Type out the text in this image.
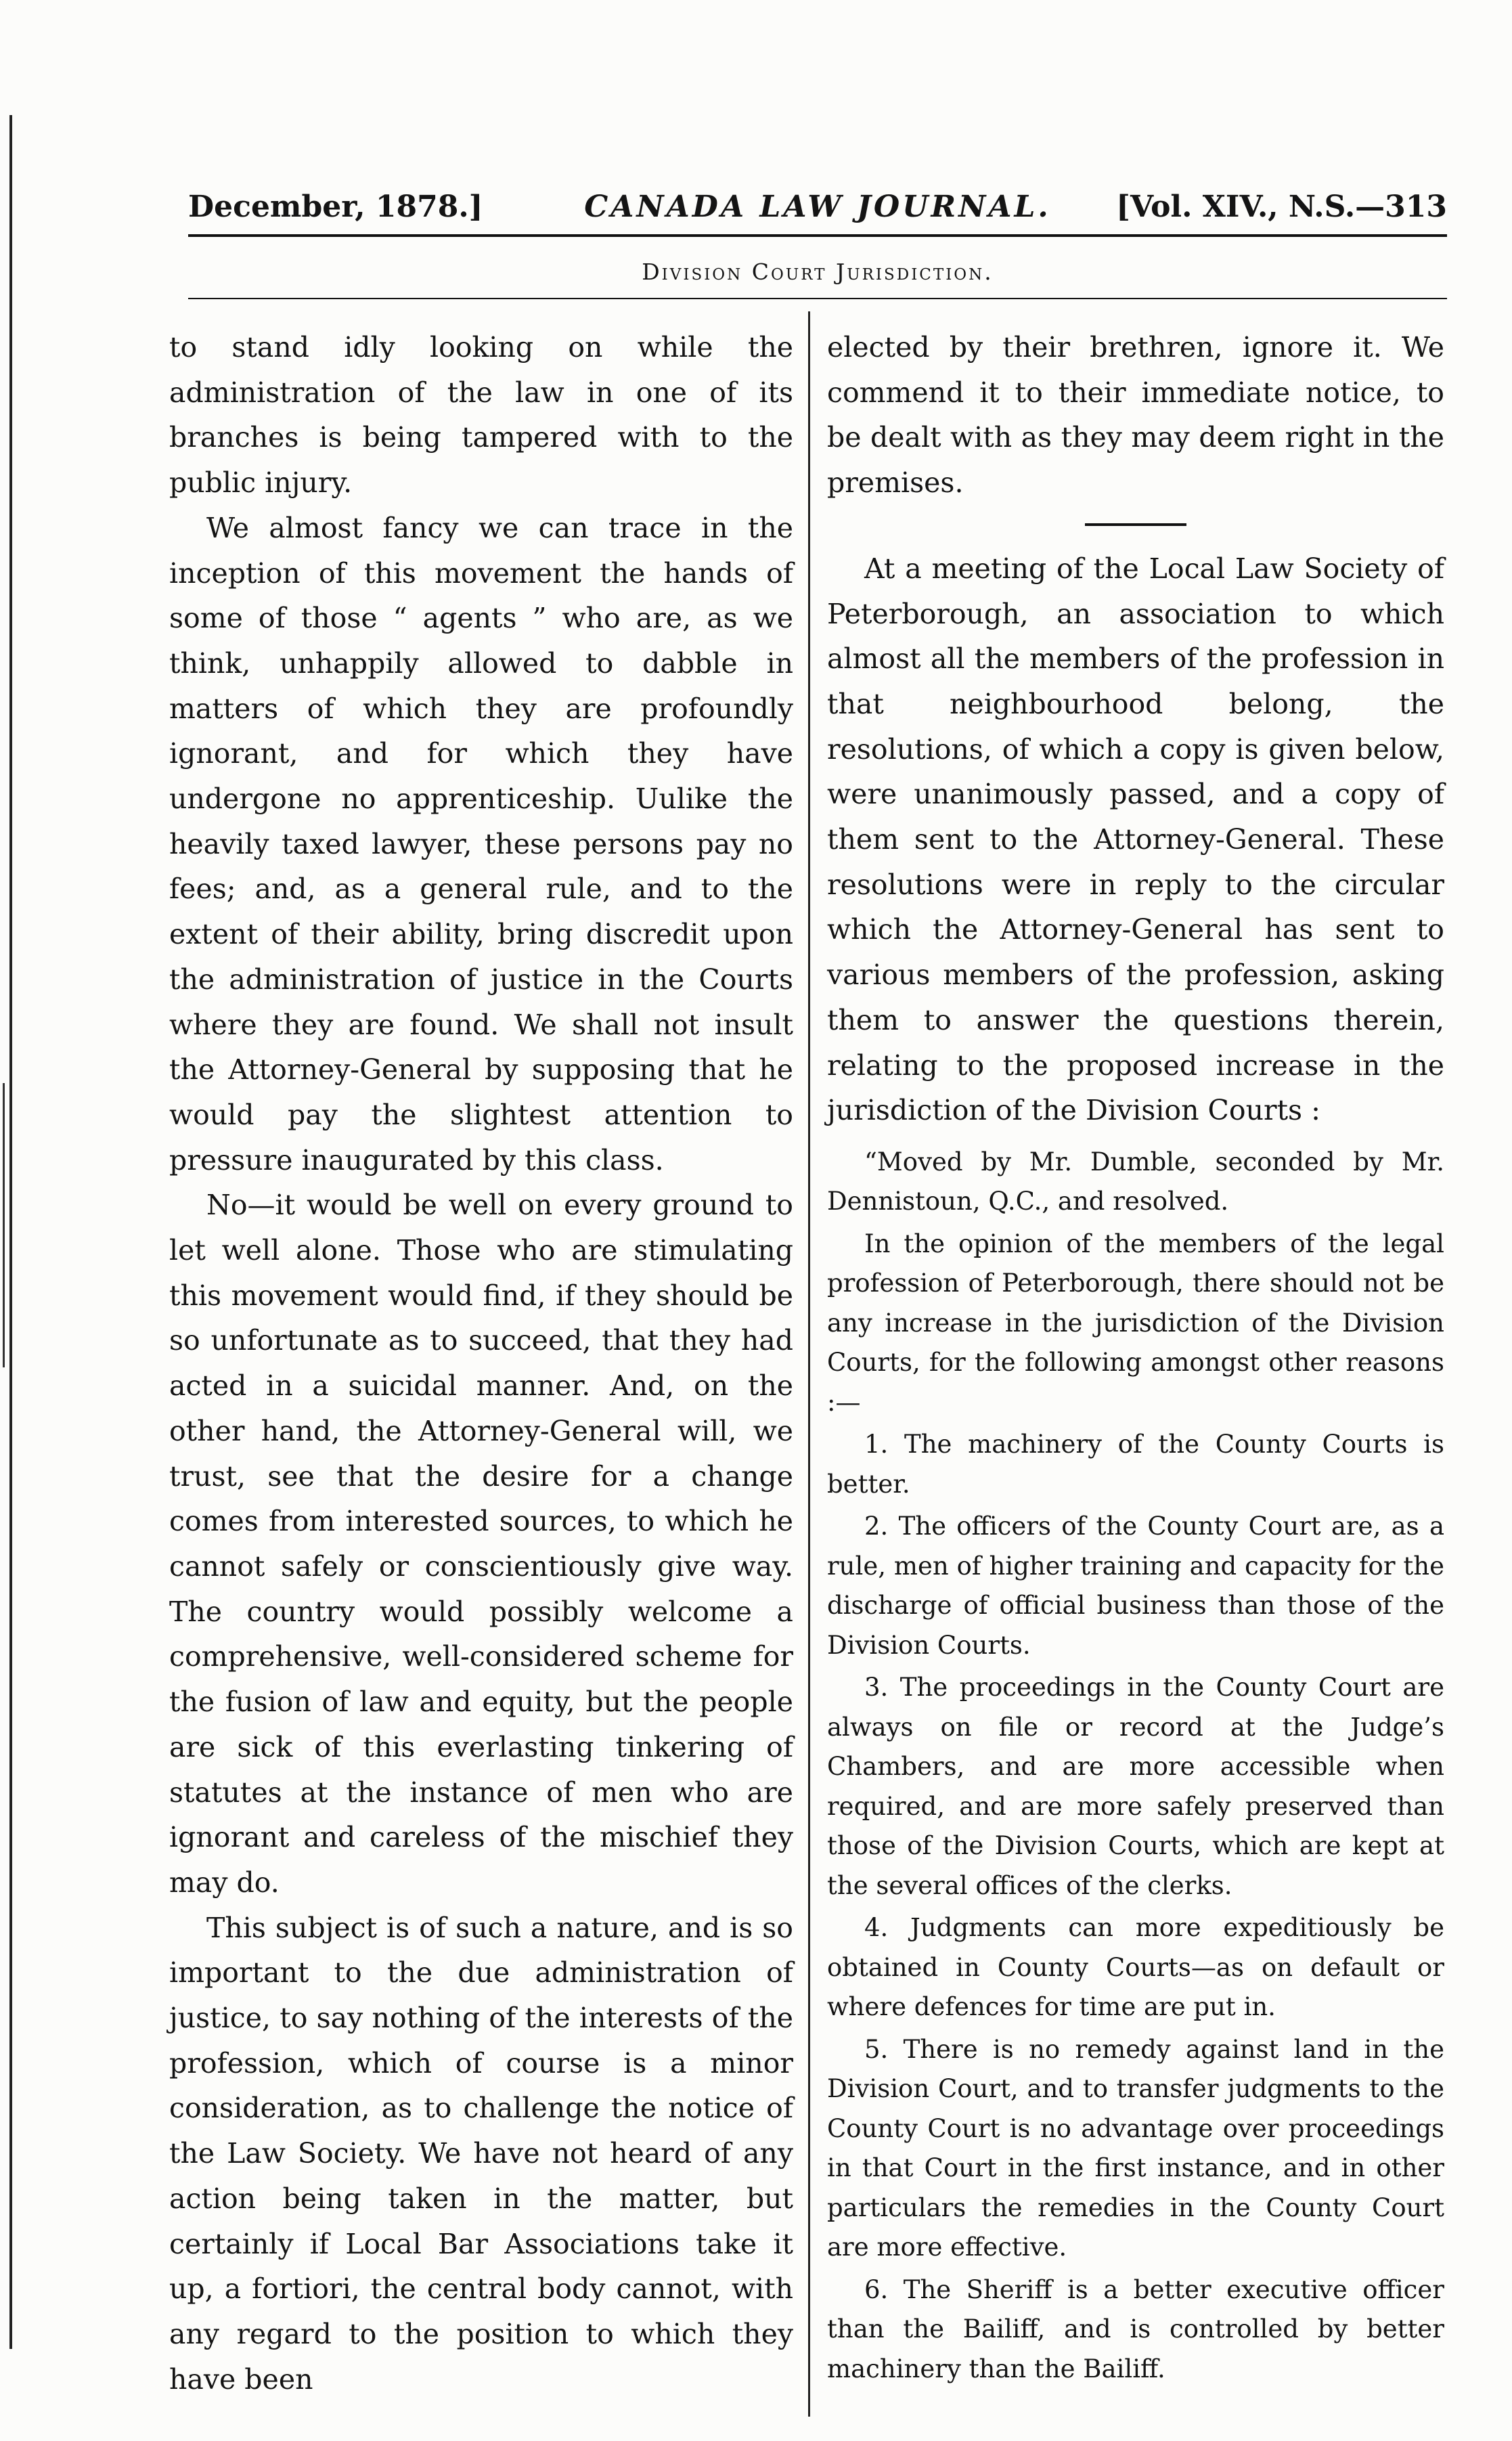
December, 1878.]	CANADA LAW JOURNAL.	[Vol. XIV., N.S.—313
Division Court Jurisdiction.

to stand idly looking on while the administration of the law in one of its branches is being tampered with to the public injury.

We almost fancy we can trace in the inception of this movement the hands of some of those “ agents ” who are, as we think, unhappily allowed to dabble in matters of which they are profoundly ignorant, and for which they have undergone no apprenticeship. Uulike the heavily taxed lawyer, these persons pay no fees; and, as a general rule, and to the extent of their ability, bring discredit upon the administration of justice in the Courts where they are found. We shall not insult the Attorney-General by supposing that he would pay the slightest attention to pressure inaugurated by this class.

No—it would be well on every ground to let well alone. Those who are stimulating this movement would find, if they should be so unfortunate as to succeed, that they had acted in a suicidal manner. And, on the other hand, the Attorney-General will, we trust, see that the desire for a change comes from interested sources, to which he cannot safely or conscientiously give way. The country would possibly welcome a comprehensive, well-considered scheme for the fusion of law and equity, but the people are sick of this everlasting tinkering of statutes at the instance of men who are ignorant and careless of the mischief they may do.

This subject is of such a nature, and is so important to the due administration of justice, to say nothing of the interests of the profession, which of course is a minor consideration, as to challenge the notice of the Law Society. We have not heard of any action being taken in the matter, but certainly if Local Bar Associations take it up, a fortiori, the central body cannot, with any regard to the position to which they have been

elected by their brethren, ignore it. We commend it to their immediate notice, to be dealt with as they may deem right in the premises.

At a meeting of the Local Law Society of Peterborough, an association to which almost all the members of the profession in that neighbourhood belong, the resolutions, of which a copy is given below, were unanimously passed, and a copy of them sent to the Attorney-General. These resolutions were in reply to the circular which the Attorney-General has sent to various members of the profession, asking them to answer the questions therein, relating to the proposed increase in the jurisdiction of the Division Courts :

“Moved by Mr. Dumble, seconded by Mr. Dennistoun, Q.C., and resolved.

In the opinion of the members of the legal profession of Peterborough, there should not be any increase in the jurisdiction of the Division Courts, for the following amongst other reasons :—

1. The machinery of the County Courts is better.

2. The officers of the County Court are, as a rule, men of higher training and capacity for the discharge of official business than those of the Division Courts.

3. The proceedings in the County Court are always on file or record at the Judge’s Chambers, and are more accessible when required, and are more safely preserved than those of the Division Courts, which are kept at the several offices of the clerks.

4. Judgments can more expeditiously be obtained in County Courts—as on default or where defences for time are put in.

5. There is no remedy against land in the Division Court, and to transfer judgments to the County Court is no advantage over proceedings in that Court in the first instance, and in other particulars the remedies in the County Court are more effective.

6. The Sheriff is a better executive officer than the Bailiff, and is controlled by better machinery than the Bailiff.
